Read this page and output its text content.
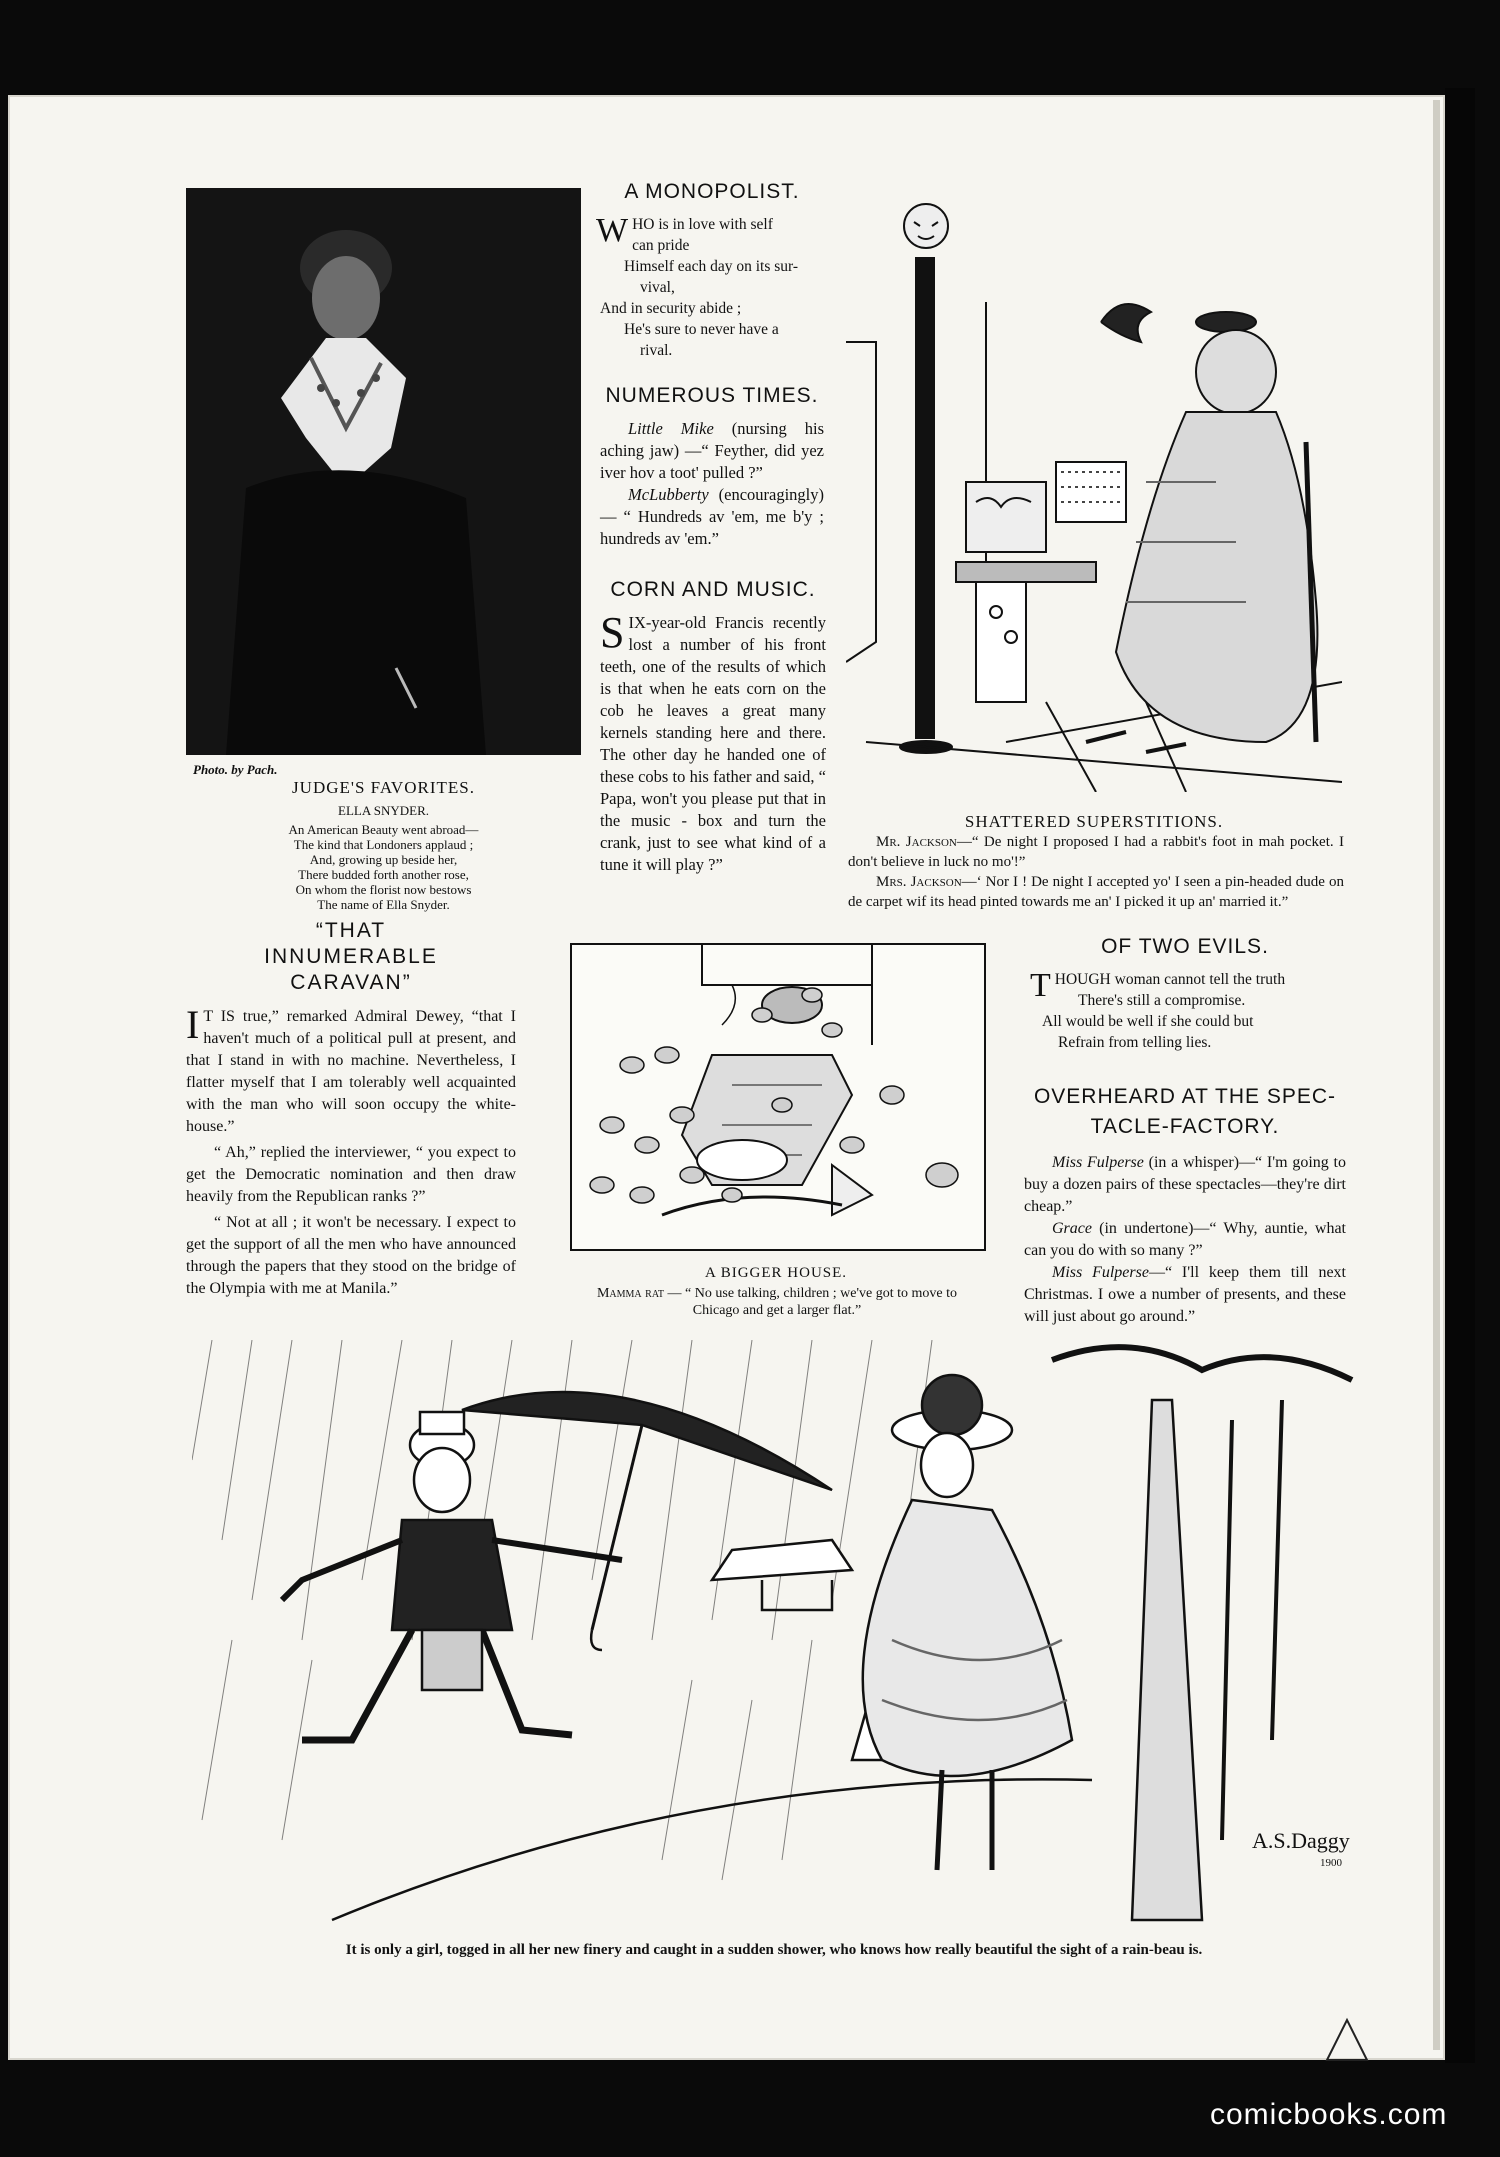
Photo. by Pach.
JUDGE'S FAVORITES.
ELLA SNYDER.
An American Beauty went abroad—
The kind that Londoners applaud ;
And, growing up beside her,
There budded forth another rose,
On whom the florist now bestows
The name of Ella Snyder.
A MONOPOLIST.
WHO is in love with self
can pride
Himself each day on its sur-
vival,
And in security abide ;
He's sure to never have a
rival.
NUMEROUS TIMES.

Little Mike (nursing his aching jaw) —“ Feyther, did yez iver hov a toot' pulled ?”

McLubberty (encouragingly) — “ Hundreds av 'em, me b'y ; hundreds av 'em.”

CORN AND MUSIC.
SIX-year-old Francis recently lost a number of his front teeth, one of the results of which is that when he eats corn on the cob he leaves a great many kernels standing here and there. The other day he handed one of these cobs to his father and said, “ Papa, won't you please put that in the music - box and turn the crank, just to see what kind of a tune it will play ?”
SHATTERED SUPERSTITIONS.

Mr. Jackson—“ De night I proposed I had a rabbit's foot in mah pocket. I don't believe in luck no mo'!”

Mrs. Jackson—‘ Nor I ! De night I accepted yo' I seen a pin-headed dude on de carpet wif its head pinted towards me an' I picked it up an' married it.”

“THAT INNUMERABLE CARAVAN”

I T IS true,” remarked Admiral Dewey, “that I haven't much of a political pull at present, and that I stand in with no machine. Nevertheless, I flatter myself that I am tolerably well acquainted with the man who will soon occupy the white-house.”

“ Ah,” replied the interviewer, “ you expect to get the Democratic nomination and then draw heavily from the Republican ranks ?”

“ Not at all ; it won't be necessary. I expect to get the support of all the men who have announced through the papers that they stood on the bridge of the Olympia with me at Manila.”

A BIGGER HOUSE.
Mamma rat — “ No use talking, children ; we've got to move to Chicago and get a larger flat.”
OF TWO EVILS.
THOUGH woman cannot tell the truth
There's still a compromise.
All would be well if she could but
Refrain from telling lies.
OVERHEARD AT THE SPEC-
TACLE-FACTORY.

Miss Fulperse (in a whisper)—“ I'm going to buy a dozen pairs of these spectacles—they're dirt cheap.”

Grace (in undertone)—“ Why, auntie, what can you do with so many ?”

Miss Fulperse—“ I'll keep them till next Christmas. I owe a number of presents, and these will just about go around.”

A.S.Daggy
1900
It is only a girl, togged in all her new finery and caught in a sudden shower, who knows how really beautiful the sight of a rain-beau is.
comicbooks.com
